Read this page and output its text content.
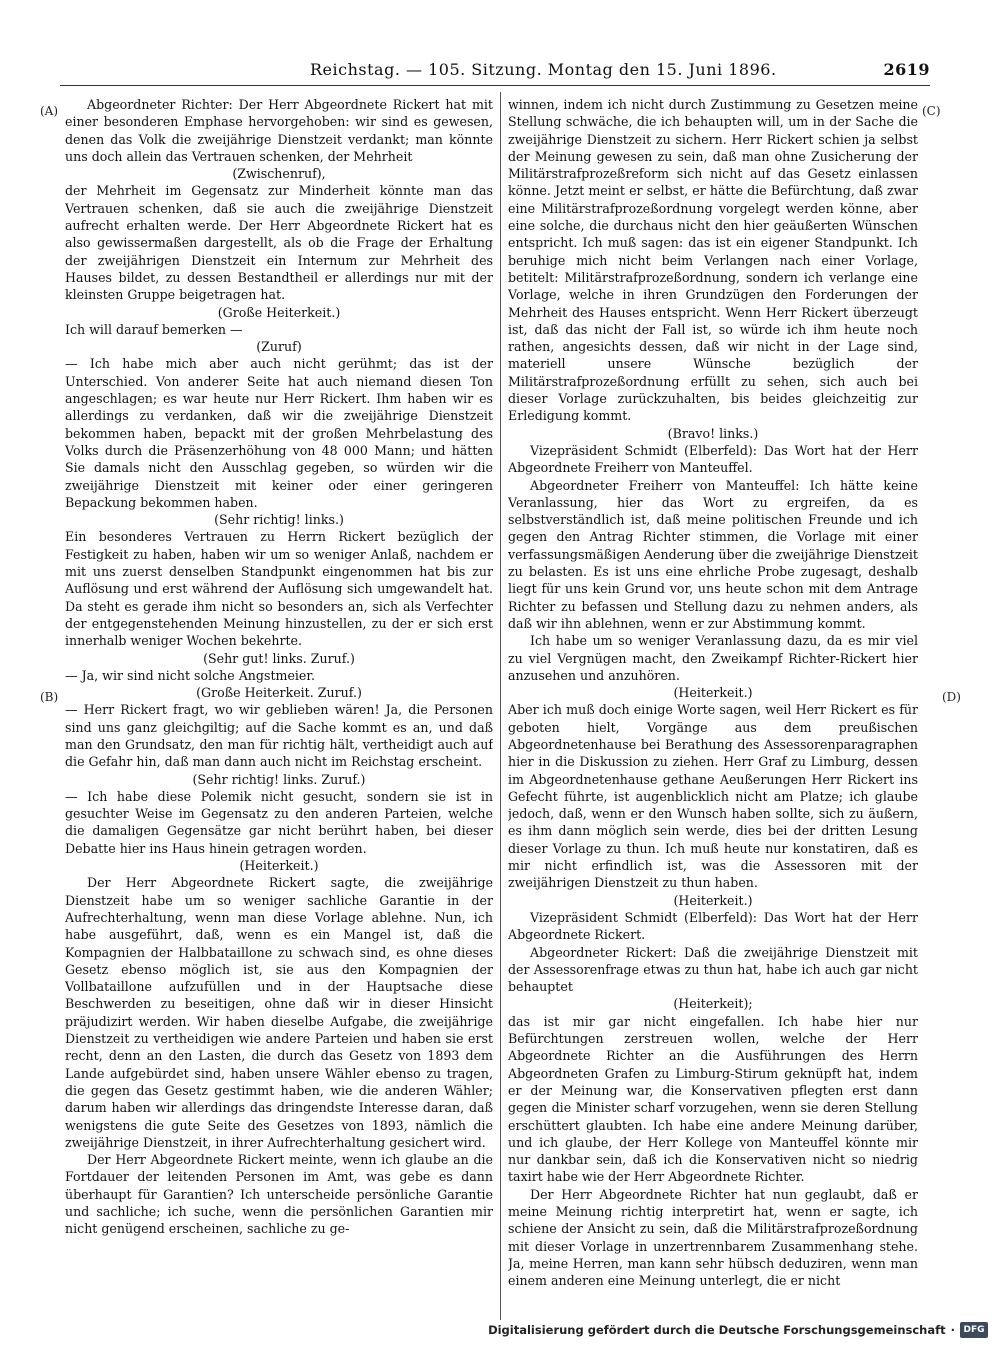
Reichstag. — 105. Sitzung. Montag den 15. Juni 1896.	2619
(A)
(B)
(C)
(D)

Abgeordneter Richter: Der Herr Abgeordnete Rickert hat mit einer besonderen Emphase hervorgehoben: wir sind es gewesen, denen das Volk die zweijährige Dienstzeit verdankt; man könnte uns doch allein das Vertrauen schenken, der Mehrheit

(Zwischenruf),

der Mehrheit im Gegensatz zur Minderheit könnte man das Vertrauen schenken, daß sie auch die zweijährige Dienstzeit aufrecht erhalten werde. Der Herr Abgeordnete Rickert hat es also gewissermaßen dargestellt, als ob die Frage der Erhaltung der zweijährigen Dienstzeit ein Internum zur Mehrheit des Hauses bildet, zu dessen Bestandtheil er allerdings nur mit der kleinsten Gruppe beigetragen hat.

(Große Heiterkeit.)

Ich will darauf bemerken —

(Zuruf)

— Ich habe mich aber auch nicht gerühmt; das ist der Unterschied. Von anderer Seite hat auch niemand diesen Ton angeschlagen; es war heute nur Herr Rickert. Ihm haben wir es allerdings zu verdanken, daß wir die zweijährige Dienstzeit bekommen haben, bepackt mit der großen Mehrbelastung des Volks durch die Präsenzerhöhung von 48 000 Mann; und hätten Sie damals nicht den Ausschlag gegeben, so würden wir die zweijährige Dienstzeit mit keiner oder einer geringeren Bepackung bekommen haben.

(Sehr richtig! links.)

Ein besonderes Vertrauen zu Herrn Rickert bezüglich der Festigkeit zu haben, haben wir um so weniger Anlaß, nachdem er mit uns zuerst denselben Standpunkt eingenommen hat bis zur Auflösung und erst während der Auflösung sich umgewandelt hat. Da steht es gerade ihm nicht so besonders an, sich als Verfechter der entgegenstehenden Meinung hinzustellen, zu der er sich erst innerhalb weniger Wochen bekehrte.

(Sehr gut! links. Zuruf.)

— Ja, wir sind nicht solche Angstmeier.

(Große Heiterkeit. Zuruf.)

— Herr Rickert fragt, wo wir geblieben wären! Ja, die Personen sind uns ganz gleichgiltig; auf die Sache kommt es an, und daß man den Grundsatz, den man für richtig hält, vertheidigt auch auf die Gefahr hin, daß man dann auch nicht im Reichstag erscheint.

(Sehr richtig! links. Zuruf.)

— Ich habe diese Polemik nicht gesucht, sondern sie ist in gesuchter Weise im Gegensatz zu den anderen Parteien, welche die damaligen Gegensätze gar nicht berührt haben, bei dieser Debatte hier ins Haus hinein getragen worden.

(Heiterkeit.)

Der Herr Abgeordnete Rickert sagte, die zweijährige Dienstzeit habe um so weniger sachliche Garantie in der Aufrechterhaltung, wenn man diese Vorlage ablehne. Nun, ich habe ausgeführt, daß, wenn es ein Mangel ist, daß die Kompagnien der Halbbataillone zu schwach sind, es ohne dieses Gesetz ebenso möglich ist, sie aus den Kompagnien der Vollbataillone aufzufüllen und in der Hauptsache diese Beschwerden zu beseitigen, ohne daß wir in dieser Hinsicht präjudizirt werden. Wir haben dieselbe Aufgabe, die zweijährige Dienstzeit zu vertheidigen wie andere Parteien und haben sie erst recht, denn an den Lasten, die durch das Gesetz von 1893 dem Lande aufgebürdet sind, haben unsere Wähler ebenso zu tragen, die gegen das Gesetz gestimmt haben, wie die anderen Wähler; darum haben wir allerdings das dringendste Interesse daran, daß wenigstens die gute Seite des Gesetzes von 1893, nämlich die zweijährige Dienstzeit, in ihrer Aufrechterhaltung gesichert wird.

Der Herr Abgeordnete Rickert meinte, wenn ich glaube an die Fortdauer der leitenden Personen im Amt, was gebe es dann überhaupt für Garantien? Ich unterscheide persönliche Garantie und sachliche; ich suche, wenn die persönlichen Garantien mir nicht genügend erscheinen, sachliche zu ge-

winnen, indem ich nicht durch Zustimmung zu Gesetzen meine Stellung schwäche, die ich behaupten will, um in der Sache die zweijährige Dienstzeit zu sichern. Herr Rickert schien ja selbst der Meinung gewesen zu sein, daß man ohne Zusicherung der Militärstrafprozeßreform sich nicht auf das Gesetz einlassen könne. Jetzt meint er selbst, er hätte die Befürchtung, daß zwar eine Militärstrafprozeßordnung vorgelegt werden könne, aber eine solche, die durchaus nicht den hier geäußerten Wünschen entspricht. Ich muß sagen: das ist ein eigener Standpunkt. Ich beruhige mich nicht beim Verlangen nach einer Vorlage, betitelt: Militärstrafprozeßordnung, sondern ich verlange eine Vorlage, welche in ihren Grundzügen den Forderungen der Mehrheit des Hauses entspricht. Wenn Herr Rickert überzeugt ist, daß das nicht der Fall ist, so würde ich ihm heute noch rathen, angesichts dessen, daß wir nicht in der Lage sind, materiell unsere Wünsche bezüglich der Militärstrafprozeßordnung erfüllt zu sehen, sich auch bei dieser Vorlage zurückzuhalten, bis beides gleichzeitig zur Erledigung kommt.

(Bravo! links.)

Vizepräsident Schmidt (Elberfeld): Das Wort hat der Herr Abgeordnete Freiherr von Manteuffel.

Abgeordneter Freiherr von Manteuffel: Ich hätte keine Veranlassung, hier das Wort zu ergreifen, da es selbstverständlich ist, daß meine politischen Freunde und ich gegen den Antrag Richter stimmen, die Vorlage mit einer verfassungsmäßigen Aenderung über die zweijährige Dienstzeit zu belasten. Es ist uns eine ehrliche Probe zugesagt, deshalb liegt für uns kein Grund vor, uns heute schon mit dem Antrage Richter zu befassen und Stellung dazu zu nehmen anders, als daß wir ihn ablehnen, wenn er zur Abstimmung kommt.

Ich habe um so weniger Veranlassung dazu, da es mir viel zu viel Vergnügen macht, den Zweikampf Richter-Rickert hier anzusehen und anzuhören.

(Heiterkeit.)

Aber ich muß doch einige Worte sagen, weil Herr Rickert es für geboten hielt, Vorgänge aus dem preußischen Abgeordnetenhause bei Berathung des Assessorenparagraphen hier in die Diskussion zu ziehen. Herr Graf zu Limburg, dessen im Abgeordnetenhause gethane Aeußerungen Herr Rickert ins Gefecht führte, ist augenblicklich nicht am Platze; ich glaube jedoch, daß, wenn er den Wunsch haben sollte, sich zu äußern, es ihm dann möglich sein werde, dies bei der dritten Lesung dieser Vorlage zu thun. Ich muß heute nur konstatiren, daß es mir nicht erfindlich ist, was die Assessoren mit der zweijährigen Dienstzeit zu thun haben.

(Heiterkeit.)

Vizepräsident Schmidt (Elberfeld): Das Wort hat der Herr Abgeordnete Rickert.

Abgeordneter Rickert: Daß die zweijährige Dienstzeit mit der Assessorenfrage etwas zu thun hat, habe ich auch gar nicht behauptet

(Heiterkeit);

das ist mir gar nicht eingefallen. Ich habe hier nur Befürchtungen zerstreuen wollen, welche der Herr Abgeordnete Richter an die Ausführungen des Herrn Abgeordneten Grafen zu Limburg-Stirum geknüpft hat, indem er der Meinung war, die Konservativen pflegten erst dann gegen die Minister scharf vorzugehen, wenn sie deren Stellung erschüttert glaubten. Ich habe eine andere Meinung darüber, und ich glaube, der Herr Kollege von Manteuffel könnte mir nur dankbar sein, daß ich die Konservativen nicht so niedrig taxirt habe wie der Herr Abgeordnete Richter.

Der Herr Abgeordnete Richter hat nun geglaubt, daß er meine Meinung richtig interpretirt hat, wenn er sagte, ich schiene der Ansicht zu sein, daß die Militärstrafprozeßordnung mit dieser Vorlage in unzertrennbarem Zusammenhang stehe. Ja, meine Herren, man kann sehr hübsch deduziren, wenn man einem anderen eine Meinung unterlegt, die er nicht

Digitalisierung gefördert durch die Deutsche Forschungsgemeinschaft · DFG
